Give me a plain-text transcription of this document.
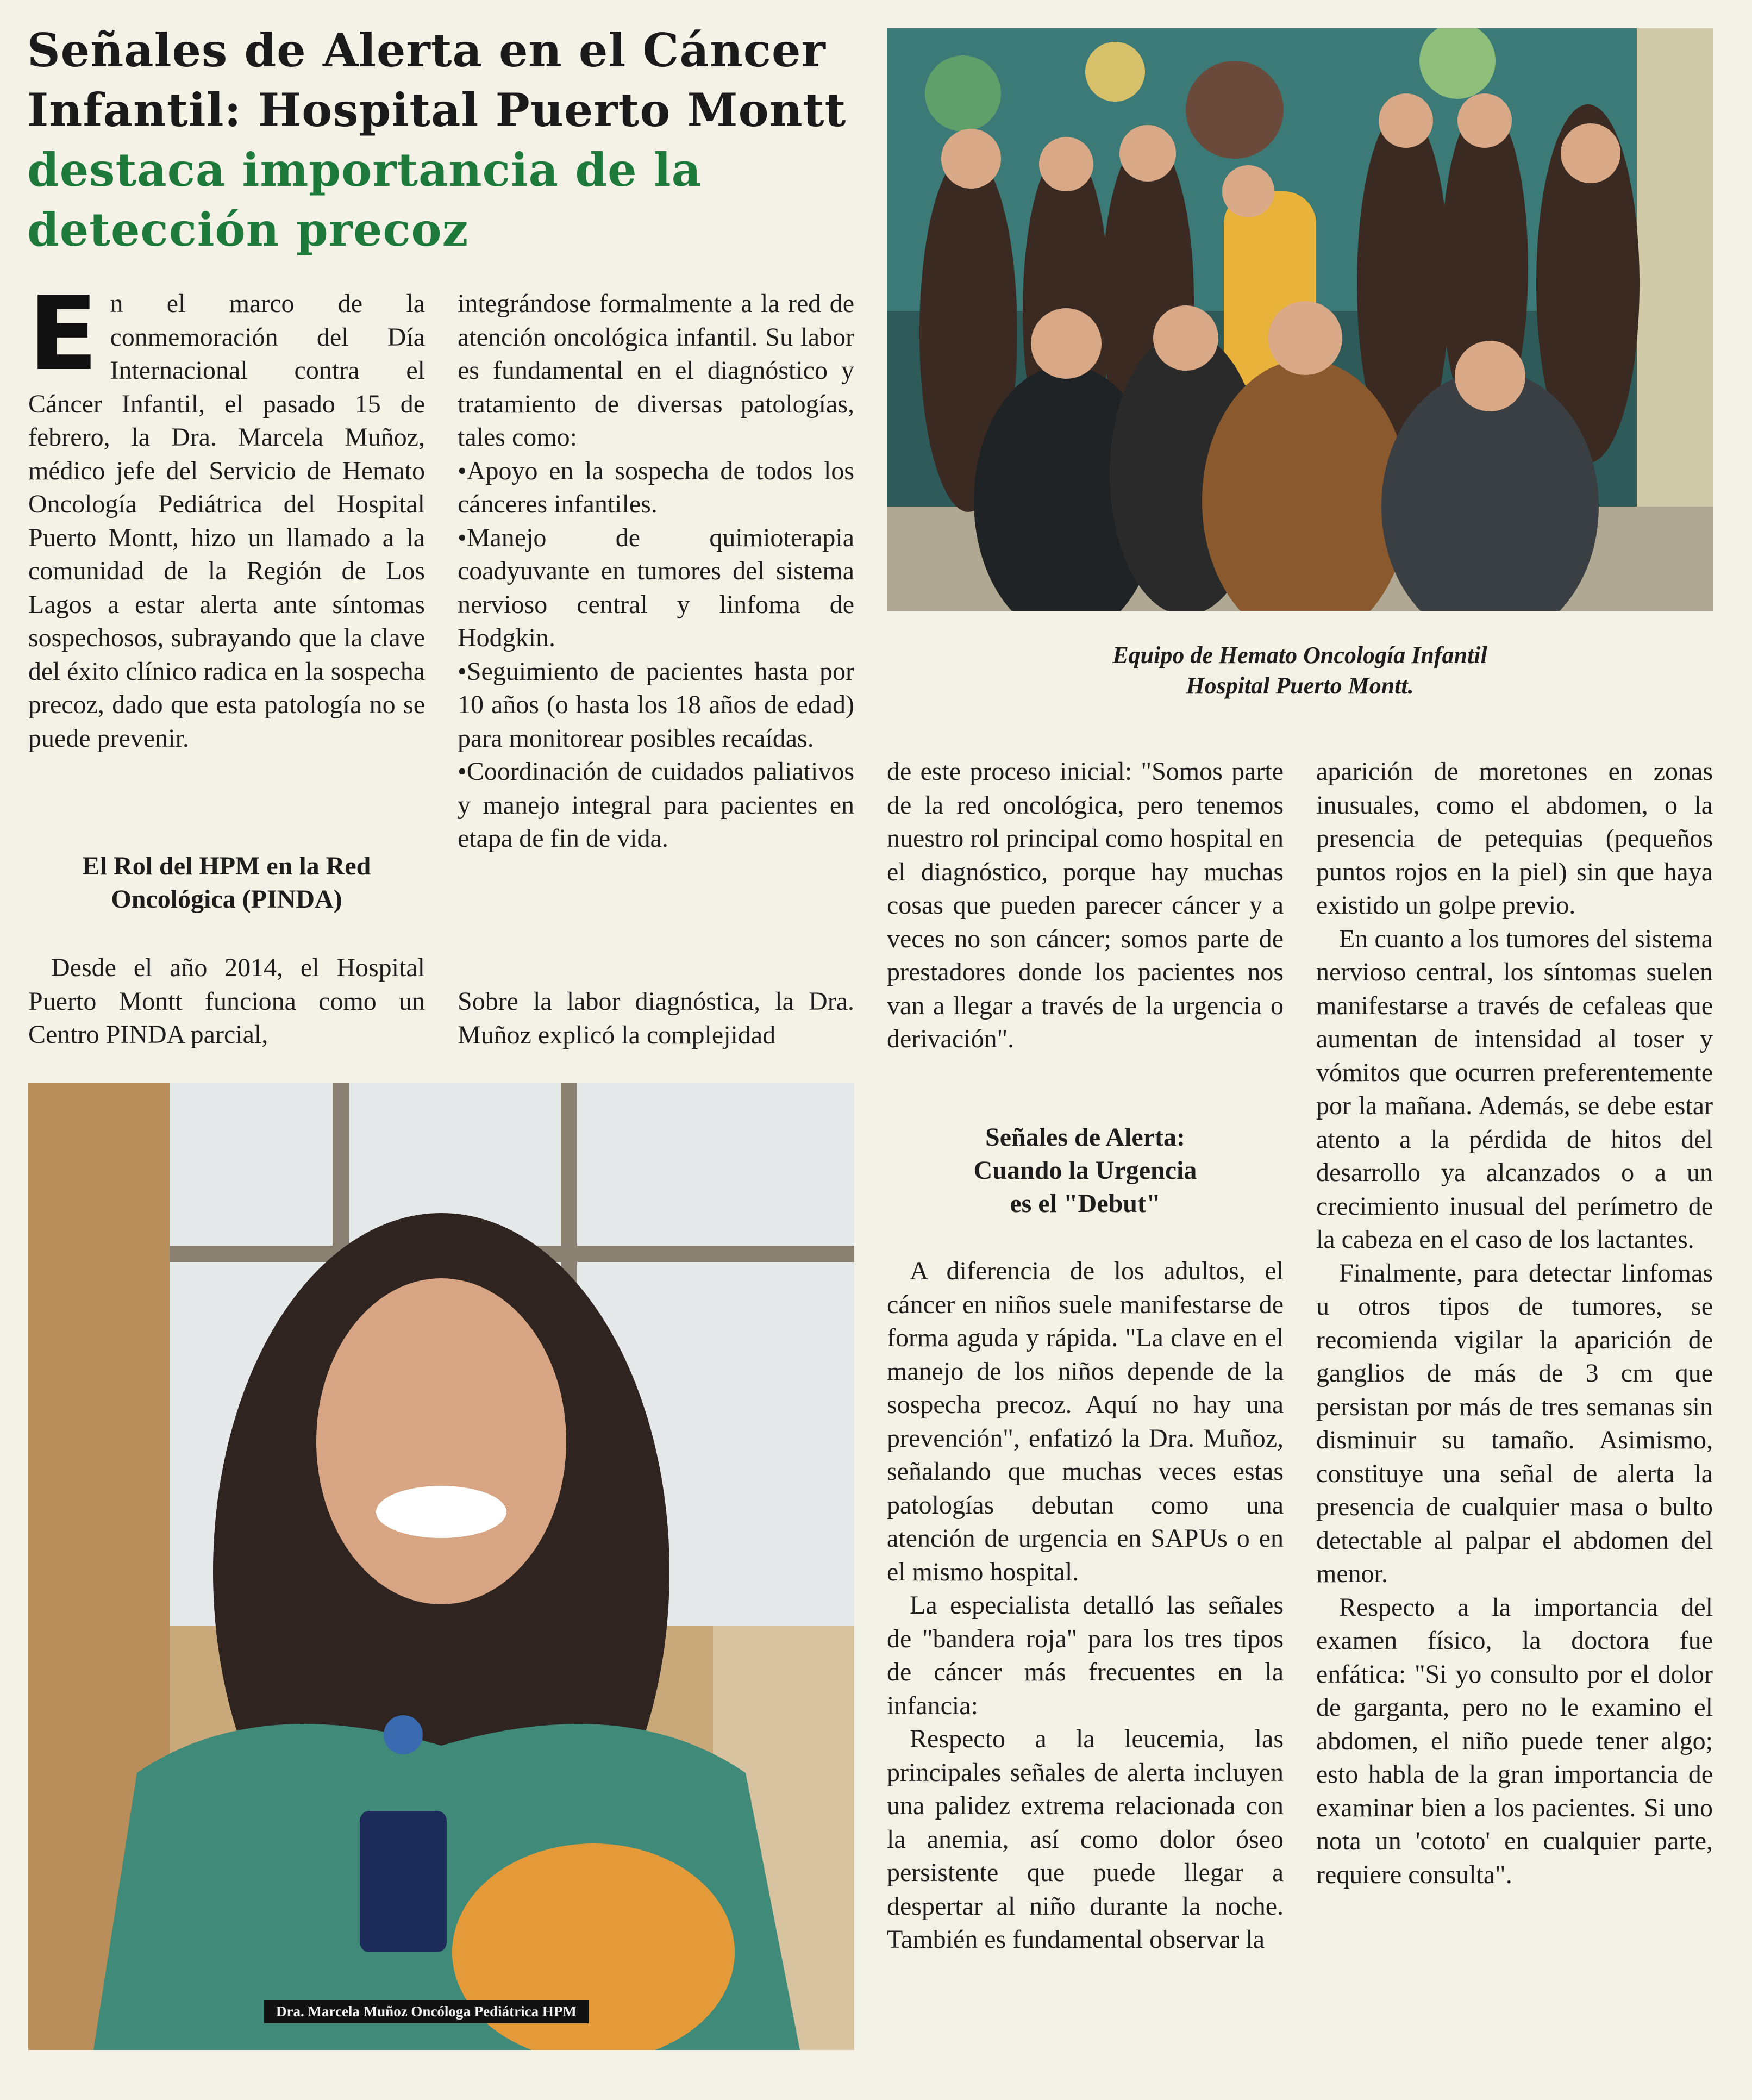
Señales de Alerta en el Cáncer
Infantil: Hospital Puerto Montt
destaca importancia de la
detección precoz

En el marco de la conmemoración del Día Internacional contra el Cáncer Infantil, el pasado 15 de febrero, la Dra. Marcela Muñoz, médico jefe del Servicio de Hemato Oncología Pediátrica del Hospital Puerto Montt, hizo un llamado a la comunidad de la Región de Los Lagos a estar alerta ante síntomas sospechosos, subrayando que la clave del éxito clínico radica en la sospecha precoz, dado que esta patología no se puede prevenir.

El Rol del HPM en la Red

Oncológica (PINDA)

Desde el año 2014, el Hospital Puerto Montt funciona como un Centro PINDA parcial,

integrándose formalmente a la red de atención oncológica infantil. Su labor es fundamental en el diagnóstico y tratamiento de diversas patologías, tales como:

•Apoyo en la sospecha de todos los cánceres infantiles.

•Manejo de quimioterapia coadyuvante en tumores del sistema nervioso central y linfoma de Hodgkin.

•Seguimiento de pacientes hasta por 10 años (o hasta los 18 años de edad) para monitorear posibles recaídas.

•Coordinación de cuidados paliativos y manejo integral para pacientes en etapa de fin de vida.

Sobre la labor diagnóstica, la Dra. Muñoz explicó la complejidad

Equipo de Hemato Oncología Infantil
Hospital Puerto Montt.
Dra. Marcela Muñoz Oncóloga Pediátrica HPM

de este proceso inicial: "Somos parte de la red oncológica, pero tenemos nuestro rol principal como hospital en el diagnóstico, porque hay muchas cosas que pueden parecer cáncer y a veces no son cáncer; somos parte de prestadores donde los pacientes nos van a llegar a través de la urgencia o derivación".

Señales de Alerta:

Cuando la Urgencia

es el "Debut"

A diferencia de los adultos, el cáncer en niños suele manifestarse de forma aguda y rápida. "La clave en el manejo de los niños depende de la sospecha precoz. Aquí no hay una prevención", enfatizó la Dra. Muñoz, señalando que muchas veces estas patologías debutan como una atención de urgencia en SAPUs o en el mismo hospital.

La especialista detalló las señales de "bandera roja" para los tres tipos de cáncer más frecuentes en la infancia:

Respecto a la leucemia, las principales señales de alerta incluyen una palidez extrema relacionada con la anemia, así como dolor óseo persistente que puede llegar a despertar al niño durante la noche. También es fundamental observar la

aparición de moretones en zonas inusuales, como el abdomen, o la presencia de petequias (pequeños puntos rojos en la piel) sin que haya existido un golpe previo.

En cuanto a los tumores del sistema nervioso central, los síntomas suelen manifestarse a través de cefaleas que aumentan de intensidad al toser y vómitos que ocurren preferentemente por la mañana. Además, se debe estar atento a la pérdida de hitos del desarrollo ya alcanzados o a un crecimiento inusual del perímetro de la cabeza en el caso de los lactantes.

Finalmente, para detectar linfomas u otros tipos de tumores, se recomienda vigilar la aparición de ganglios de más de 3 cm que persistan por más de tres semanas sin disminuir su tamaño. Asimismo, constituye una señal de alerta la presencia de cualquier masa o bulto detectable al palpar el abdomen del menor.

Respecto a la importancia del examen físico, la doctora fue enfática: "Si yo consulto por el dolor de garganta, pero no le examino el abdomen, el niño puede tener algo; esto habla de la gran importancia de examinar bien a los pacientes. Si uno nota un 'cototo' en cualquier parte, requiere consulta".
